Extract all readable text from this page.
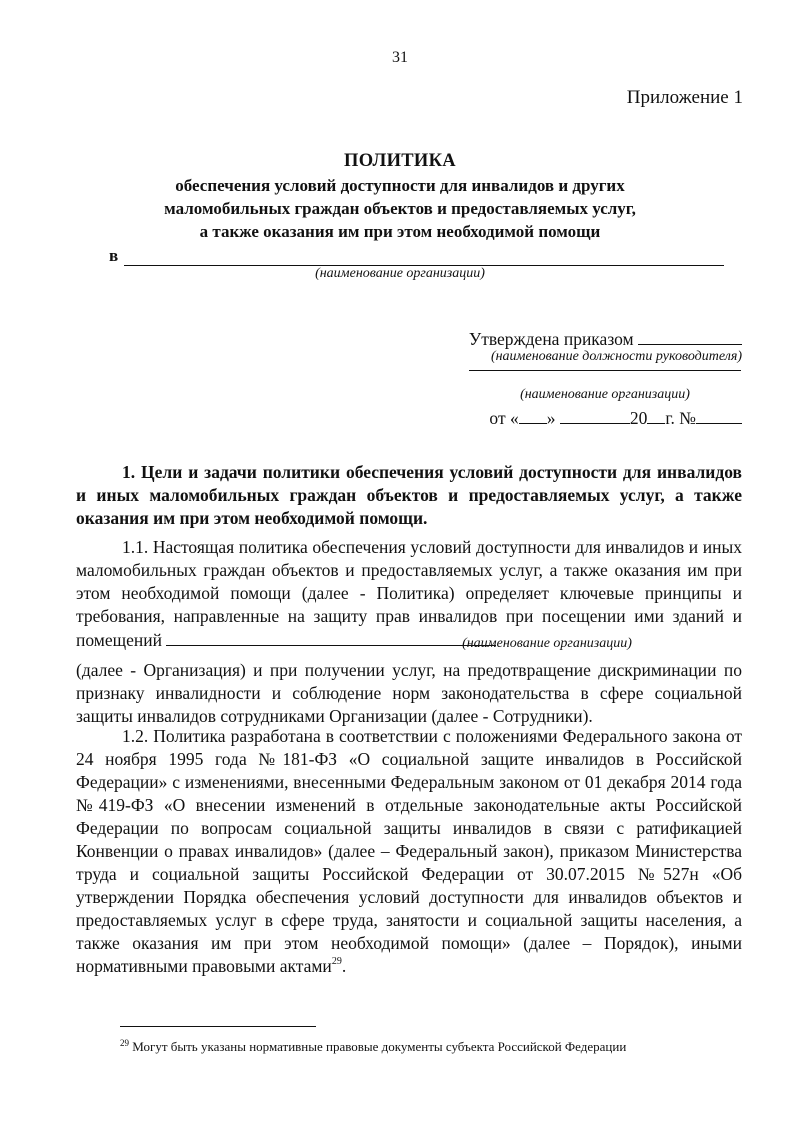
31
Приложение 1
ПОЛИТИКА
обеспечения условий доступности для инвалидов и других
маломобильных граждан объектов и предоставляемых услуг,
а также оказания им при этом необходимой помощи
в
(наименование организации)
Утверждена приказом
(наименование должности руководителя)
(наименование организации)
от « »	20 г. №
1. Цели и задачи политики обеспечения условий доступности для инвалидов и иных маломобильных граждан объектов и предоставляемых услуг, а также оказания им при этом необходимой помощи.
1.1. Настоящая политика обеспечения условий доступности для инвалидов и иных маломобильных граждан объектов и предоставляемых услуг, а также оказания им при этом необходимой помощи (далее - Политика) определяет ключевые принципы и требования, направленные на защиту прав инвалидов при посещении ими зданий и помещений	(наименование организации)
(далее - Организация) и при получении услуг, на предотвращение дискриминации по признаку инвалидности и соблюдение норм законодательства в сфере социальной защиты инвалидов сотрудниками Организации (далее - Сотрудники).
1.2. Политика разработана в соответствии с положениями Федерального закона от 24 ноября 1995 года №181-ФЗ «О социальной защите инвалидов в Российской Федерации» с изменениями, внесенными Федеральным законом от 01 декабря 2014 года №419-ФЗ «О внесении изменений в отдельные законодательные акты Российской Федерации по вопросам социальной защиты инвалидов в связи с ратификацией Конвенции о правах инвалидов» (далее – Федеральный закон), приказом Министерства труда и социальной защиты Российской Федерации от 30.07.2015 №527н «Об утверждении Порядка обеспечения условий доступности для инвалидов объектов и предоставляемых услуг в сфере труда, занятости и социальной защиты населения, а также оказания им при этом необходимой помощи» (далее – Порядок), иными нормативными правовыми актами$^{29}$.
$^{29}$ Могут быть указаны нормативные правовые документы субъекта Российской Федерации
